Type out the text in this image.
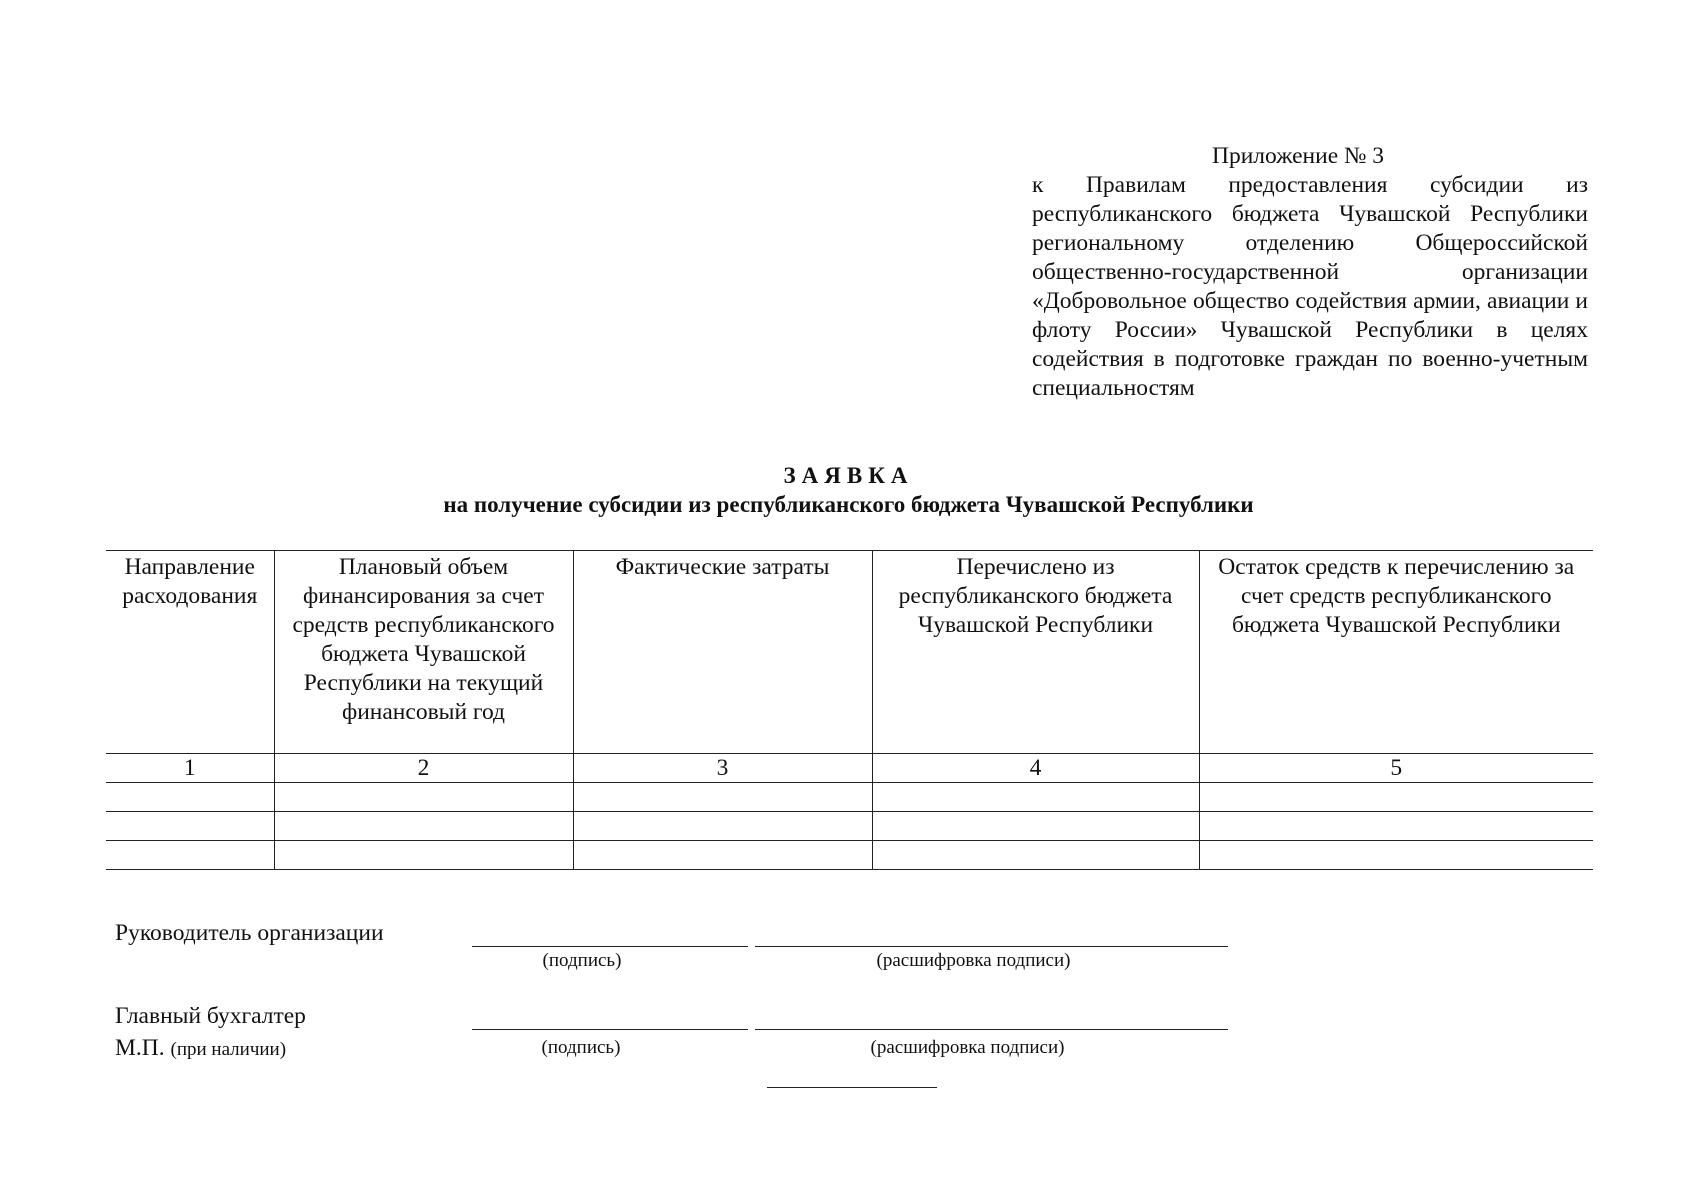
Приложение № 3
к Правилам предоставления субсидии из республиканского бюджета Чувашской Республики региональному отделению Общероссийской общественно-государственной организации «Добровольное общество содействия армии, авиации и флоту России» Чувашской Республики в целях содействия в подготовке граждан по военно-учетным специальностям
ЗАЯВКА
на получение субсидии из республиканского бюджета Чувашской Республики
Направление расходования	Плановый объем финансирования за счет средств республиканского бюджета Чувашской Республики на текущий финансовый год	Фактические затраты	Перечислено из республиканского бюджета Чувашской Республики	Остаток средств к перечислению за счет средств республиканского бюджета Чувашской Республики
1	2	3	4	5

Руководитель организации
(подпись)	(расшифровка подписи)
Главный бухгалтер
М.П. (при наличии)	(подпись)	(расшифровка подписи)
